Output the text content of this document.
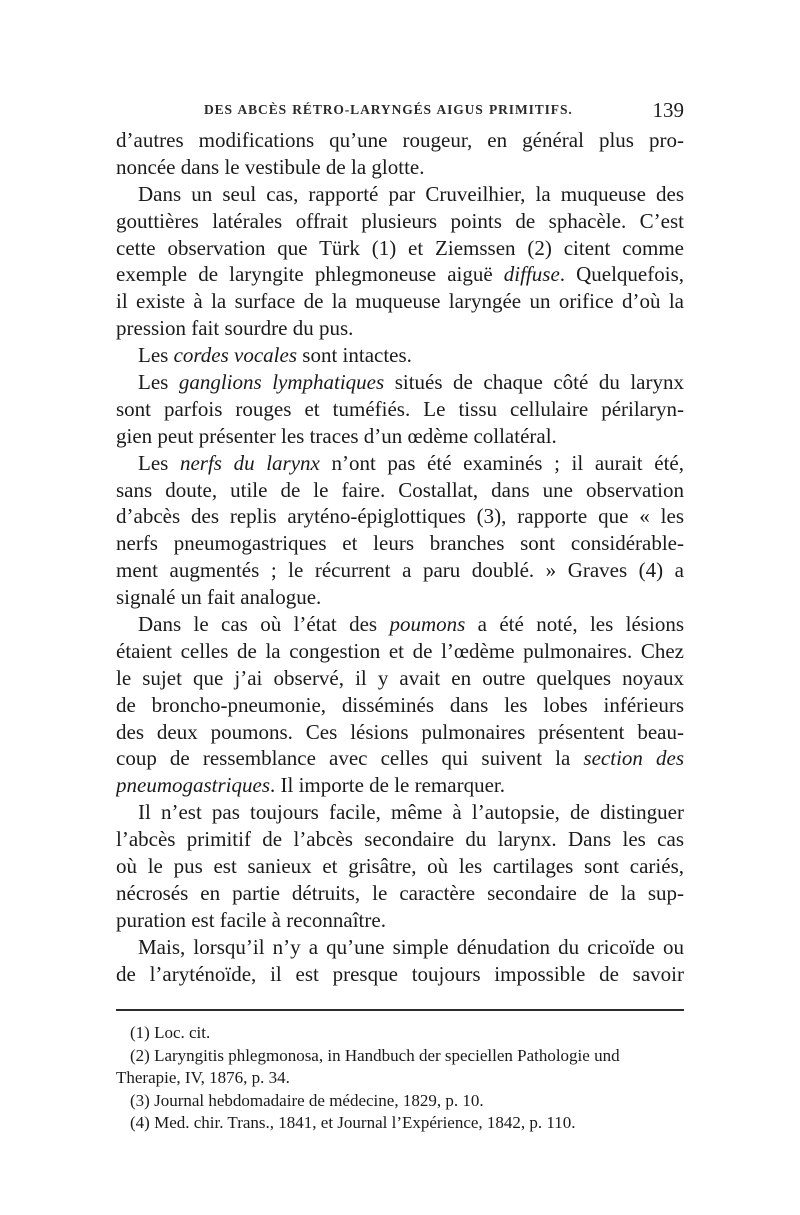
DES ABCÈS RÉTRO-LARYNGÉS AIGUS PRIMITIFS.	139
d’autres modifications qu’une rougeur, en général plus pro-
noncée dans le vestibule de la glotte.
Dans un seul cas, rapporté par Cruveilhier, la muqueuse des
gouttières latérales offrait plusieurs points de sphacèle. C’est
cette observation que Türk (1) et Ziemssen (2) citent comme
exemple de laryngite phlegmoneuse aiguë diffuse. Quelquefois,
il existe à la surface de la muqueuse laryngée un orifice d’où la
pression fait sourdre du pus.
Les cordes vocales sont intactes.
Les ganglions lymphatiques situés de chaque côté du larynx
sont parfois rouges et tuméfiés. Le tissu cellulaire périlaryn-
gien peut présenter les traces d’un œdème collatéral.
Les nerfs du larynx n’ont pas été examinés ; il aurait été,
sans doute, utile de le faire. Costallat, dans une observation
d’abcès des replis aryténo-épiglottiques (3), rapporte que « les
nerfs pneumogastriques et leurs branches sont considérable-
ment augmentés ; le récurrent a paru doublé. » Graves (4) a
signalé un fait analogue.
Dans le cas où l’état des poumons a été noté, les lésions
étaient celles de la congestion et de l’œdème pulmonaires. Chez
le sujet que j’ai observé, il y avait en outre quelques noyaux
de broncho-pneumonie, disséminés dans les lobes inférieurs
des deux poumons. Ces lésions pulmonaires présentent beau-
coup de ressemblance avec celles qui suivent la section des
pneumogastriques. Il importe de le remarquer.
Il n’est pas toujours facile, même à l’autopsie, de distinguer
l’abcès primitif de l’abcès secondaire du larynx. Dans les cas
où le pus est sanieux et grisâtre, où les cartilages sont cariés,
nécrosés en partie détruits, le caractère secondaire de la sup-
puration est facile à reconnaître.
Mais, lorsqu’il n’y a qu’une simple dénudation du cricoïde ou
de l’aryténoïde, il est presque toujours impossible de savoir
(1) Loc. cit.
(2) Laryngitis phlegmonosa, in Handbuch der speciellen Pathologie und
Therapie, IV, 1876, p. 34.
(3) Journal hebdomadaire de médecine, 1829, p. 10.
(4) Med. chir. Trans., 1841, et Journal l’Expérience, 1842, p. 110.
